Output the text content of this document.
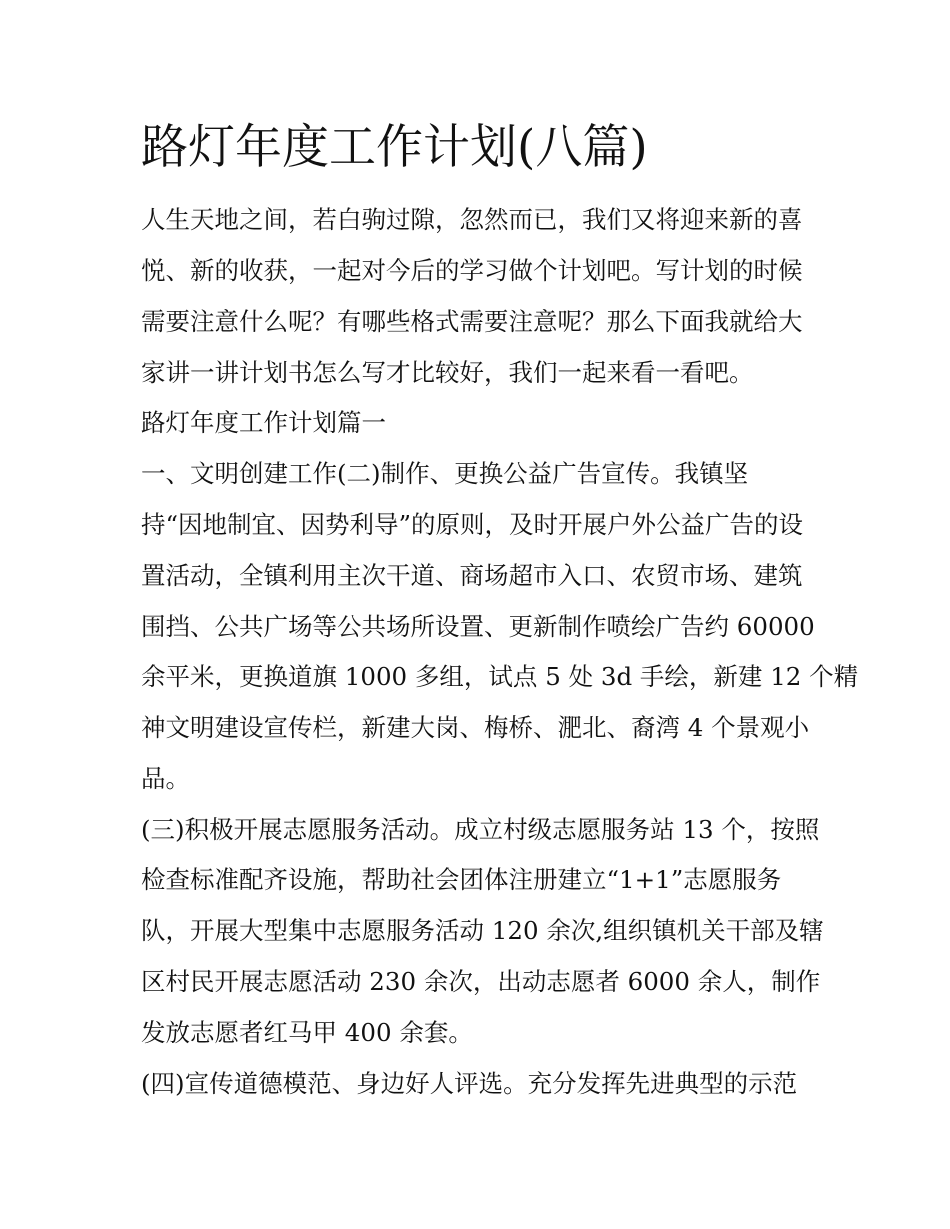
路灯年度工作计划(八篇)

人生天地之间，若白驹过隙，忽然而已，我们又将迎来新的喜

悦、新的收获，一起对今后的学习做个计划吧。写计划的时候

需要注意什么呢？有哪些格式需要注意呢？那么下面我就给大

家讲一讲计划书怎么写才比较好，我们一起来看一看吧。

路灯年度工作计划篇一

一、文明创建工作(二)制作、更换公益广告宣传。我镇坚

持“因地制宜、因势利导”的原则，及时开展户外公益广告的设

置活动，全镇利用主次干道、商场超市入口、农贸市场、建筑

围挡、公共广场等公共场所设置、更新制作喷绘广告约 60000

余平米，更换道旗 1000 多组，试点 5 处 3d 手绘，新建 12 个精

神文明建设宣传栏，新建大岗、梅桥、淝北、裔湾 4 个景观小

品。

(三)积极开展志愿服务活动。成立村级志愿服务站 13 个，按照

检查标准配齐设施，帮助社会团体注册建立“1+1”志愿服务

队，开展大型集中志愿服务活动 120 余次,组织镇机关干部及辖

区村民开展志愿活动 230 余次，出动志愿者 6000 余人，制作

发放志愿者红马甲 400 余套。

(四)宣传道德模范、身边好人评选。充分发挥先进典型的示范
